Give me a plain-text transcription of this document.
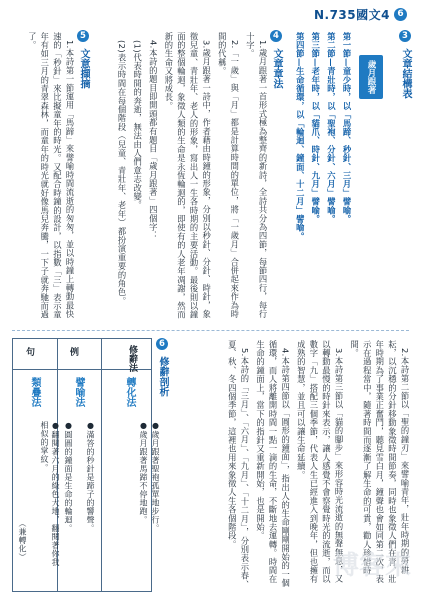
N.735國文4 6
3 文章結構表
歲月跟著

第一節—童少時，以「馬蹄、秒針、三月」譬喻。

第二節—青壯時，以「聖袍、分針、六月」譬喻。

第三節—老年時，以「貓爪、時針、九月」譬喻。

第四節—生命循環，以「輪迴、鐘面、十二月」譬喻。

4 文章章法

1.歲月跟著一首形式極為整齊的新詩，全詩共分為四節，每節四行，每行十字。

2.「一歲」與「月」都是計算時間的單位，將「一歲月」合併起來作為時間的代稱。

3.歲月跟著一詩中，作者藉由時鐘的形象，分別以秒針、分針、時針，象徵兒童、青壯年、老人的形象，寫出人一生各時期的主要活動。最後則以鐘面的整個輪迴，象徵人類的生命是永恆輪迴的，即使有的人老年凋謝，然而新的生命又將成長。

4.本詩的題目即開頭都有題目「歲月跟著」四個字：

(1)代表時間的奔逝，無法由人們意志改變。

(2)表示時間在每個階段（兒童、青壯年、老年）都扮演重要的角色。

5 文意擷摘

1.本詩第一節運用「馬蹄」來譬喻時間流逝的匆匆，並以時鐘上轉動最快速的「秒針」來比擬童年的時光。又配合時鐘的設計，以指數「三」表示童年有如三月的青翠森林，而童年的時光就好像馬兒奔騰，一下子就奔馳而過了。

2.本詩第二節以「聖的鐘刃」來譬喻青年，壯年時期的勞耕耘，以沉穩的分針移動象徵時間節奏，同時也象徵人們在青、壯年時期為了事業正奮鬥，聽見雪白月，鐘聲也會如同第二次，表示在過程當中，隨著時間而逐漸了解生命的可貴，勸人珍惜時間。

3.本詩第三節以「貓的腳步」來形容時光流逝的無聲無息，又以轉動最慢的時針來表示，讓人感覺不會察覺時光的流逝，而以數字「九」搭配三個季節，代表人生已經進入到晚年，但也擁有成熟的智慧，並且可以讓生命延續。

4.本詩第四節以「圓形的鐘面」，指出人的生命剛剛開始的一個循環，而人將離開時間一點一滴的生命，不斷地去運轉。時間在生命的鐘面上，當下的指針又重新開始，也是開始。

5.本詩的「三月」、「六月」、「九月」、「十二月」，分別表示春、夏、秋、冬四個季節，這裡也用來象徵人生各個階段。

6 修辭剖析
修辭法
例
句
轉化法
●歲月跟著馬蹄不停地跑。 ●歲月跟著聖袍孤單地步行。
譬喻法
●滿答的秒針是蹄子的響聲。
●圓圓的鐘面是生命的輪迴。
類疊法
●翻閱著六月的綠色大地，翻閱著你我相似的掌紋。
（兼轉化）
博客來
